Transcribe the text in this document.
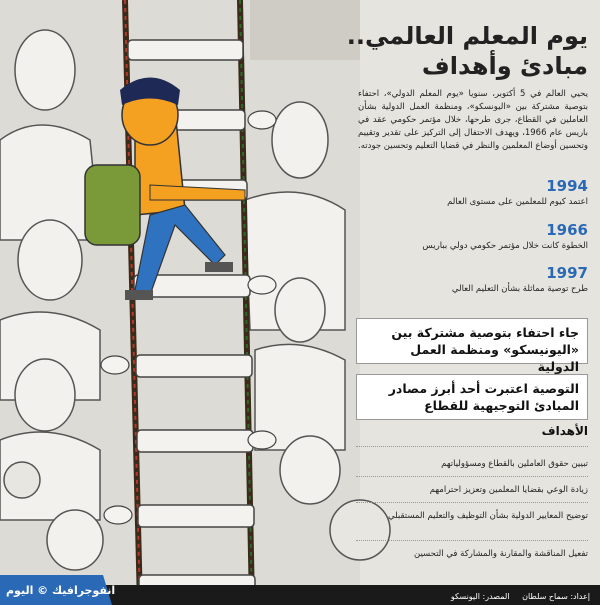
يوم المعلم العالمي..
مبادئ وأهداف
يحيي العالم في 5 أكتوبر، سنويا «يوم المعلم الدولي»، احتفاء بتوصية مشتركة بين «اليونسكو»، ومنظمة العمل الدولية بشأن العاملين في القطاع، جرى طرحها، خلال مؤتمر حكومي عقد في باريس عام 1966، ويهدف الاحتفال إلى التركيز على تقدير وتقييم وتحسين أوضاع المعلمين والنظر في قضايا التعليم وتحسين جودته.
1994
اعتمد كيوم للمعلمين على مستوى العالم
1966
الخطوة كانت خلال مؤتمر حكومي دولي بباريس
1997
طرح توصية مماثلة بشأن التعليم العالي
جاء احتفاء بتوصية مشتركة بين «اليونيسكو» ومنظمة العمل الدولية
التوصية اعتبرت أحد أبرز مصادر المبادئ التوجيهية للقطاع
الأهداف
تبيين حقوق العاملين بالقطاع ومسؤولياتهم
زيادة الوعي بقضايا المعلمين وتعزيز احترامهم
توضيح المعايير الدولية بشأن التوظيف والتعليم المستقبلي
تفعيل المناقشة والمقارنة والمشاركة في التحسين
إعداد: سماح سلطان المصدر: اليونسكو
انفوجرافيك © اليوم
